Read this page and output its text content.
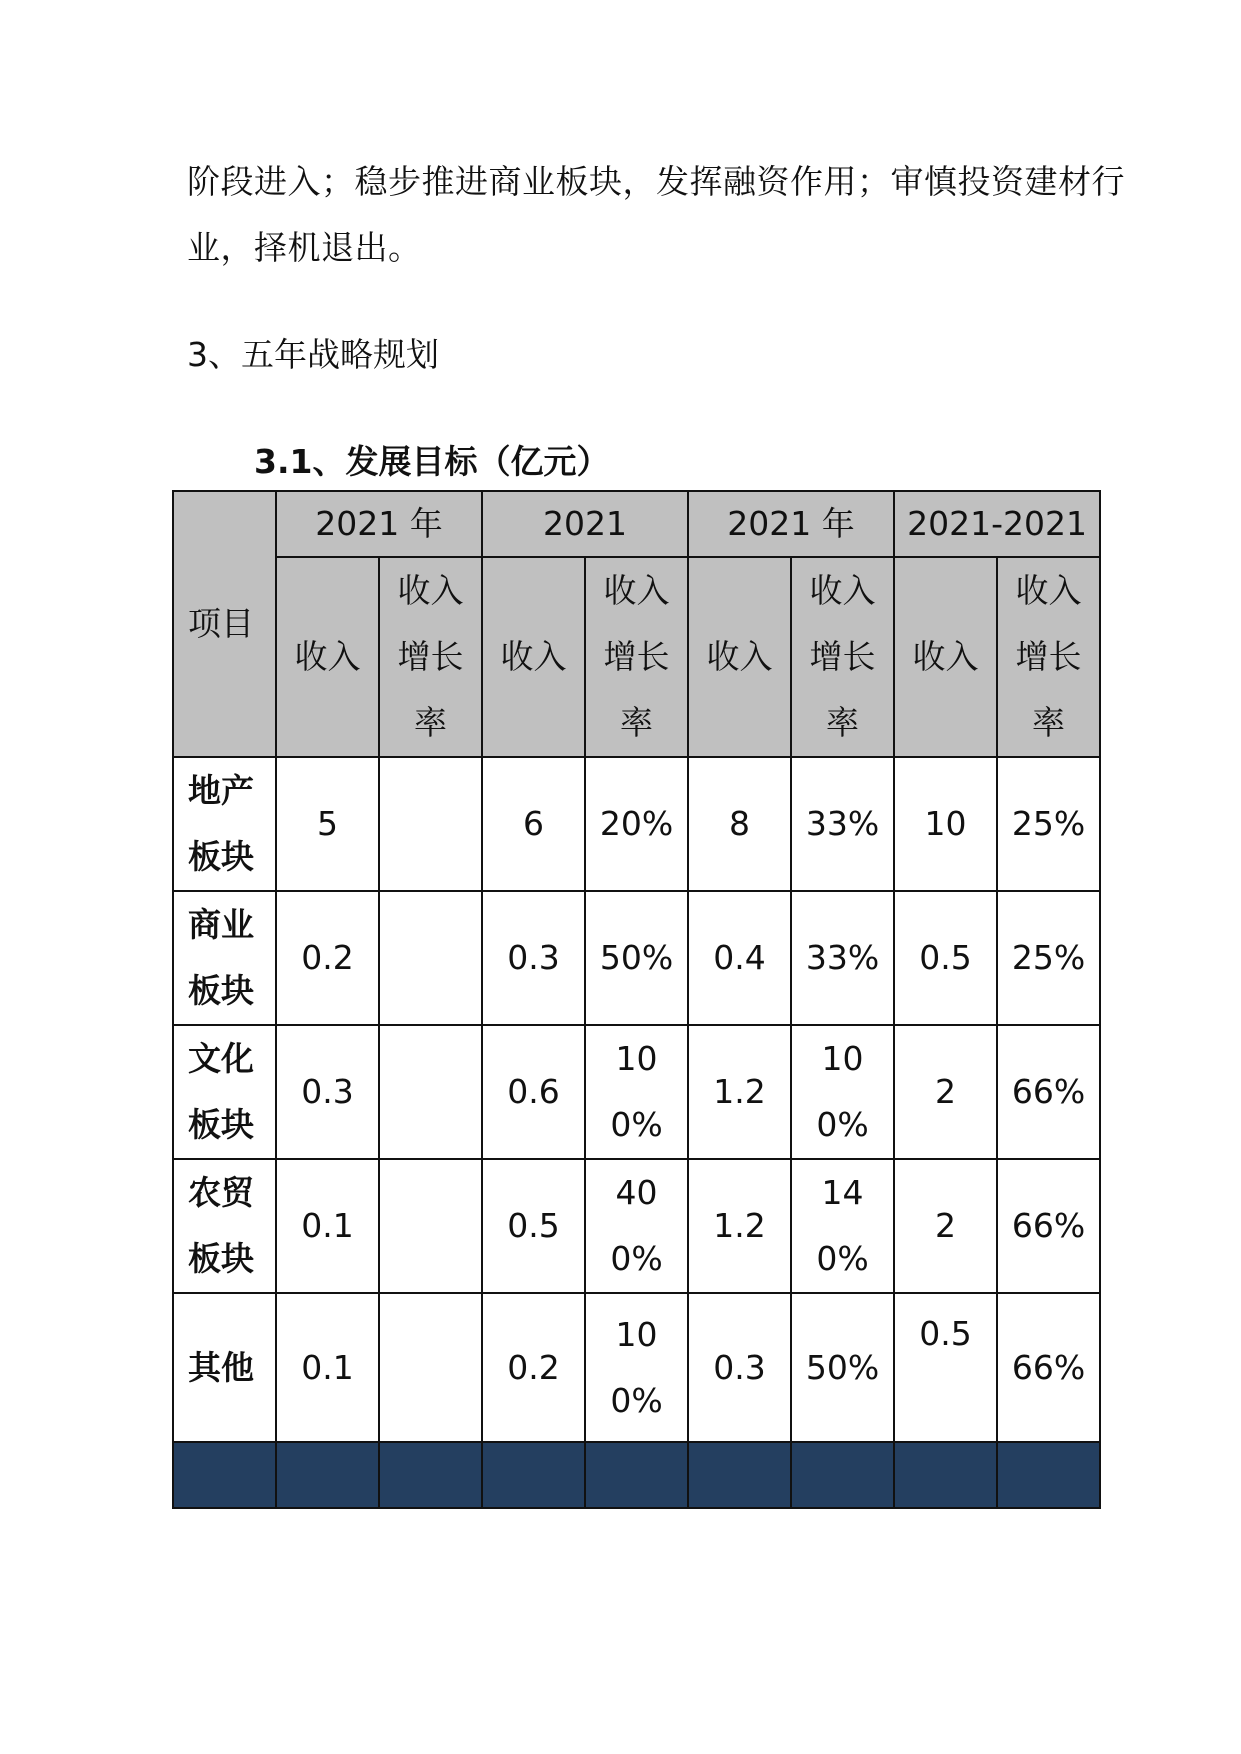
阶段进入；稳步推进商业板块，发挥融资作用；审慎投资建材行

业，择机退出。

3、五年战略规划

3.1、发展目标（亿元）

项目	2021 年		2021		2021 年		2021-2021	
	收入	收入增长率	收入	收入增长率	收入	收入增长率	收入	收入增长率

地产板块	5		6	20%	8	33%	10	25%

商业板块	0.2		0.3	50%	0.4	33%	0.5	25%

文化板块	0.3		0.6	100%	1.2	100%	2	66%

农贸板块	0.1		0.5	400%	1.2	140%	2	66%
其他	0.1		0.2	100%	0.3	50%	0.5	66%
